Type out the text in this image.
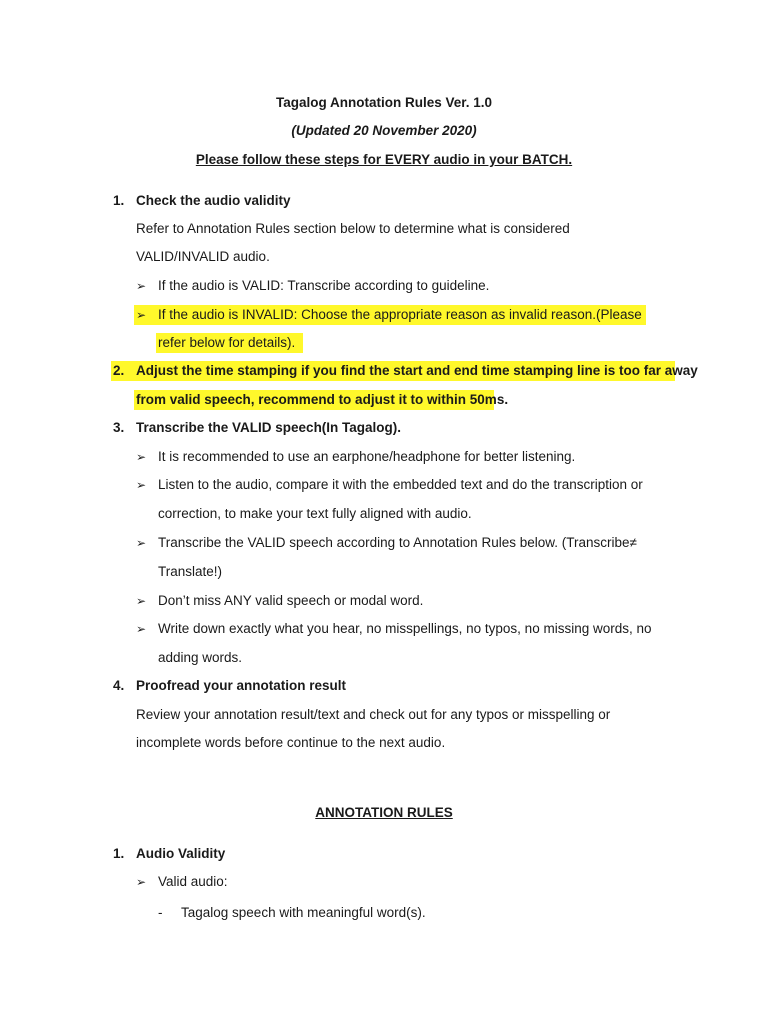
Tagalog Annotation Rules Ver. 1.0
(Updated 20 November 2020)
Please follow these steps for EVERY audio in your BATCH.
1. Check the audio validity
Refer to Annotation Rules section below to determine what is considered
VALID/INVALID audio.
➢ If the audio is VALID: Transcribe according to guideline.
➢ If the audio is INVALID: Choose the appropriate reason as invalid reason.(Please
refer below for details).
2. Adjust the time stamping if you find the start and end time stamping line is too far away
from valid speech, recommend to adjust it to within 50ms.
3. Transcribe the VALID speech(In Tagalog).
➢ It is recommended to use an earphone/headphone for better listening.
➢ Listen to the audio, compare it with the embedded text and do the transcription or
correction, to make your text fully aligned with audio.
➢ Transcribe the VALID speech according to Annotation Rules below. (Transcribe≠
Translate!)
➢ Don’t miss ANY valid speech or modal word.
➢ Write down exactly what you hear, no misspellings, no typos, no missing words, no
adding words.
4. Proofread your annotation result
Review your annotation result/text and check out for any typos or misspelling or
incomplete words before continue to the next audio.
ANNOTATION RULES
1. Audio Validity
➢ Valid audio:
- Tagalog speech with meaningful word(s).
